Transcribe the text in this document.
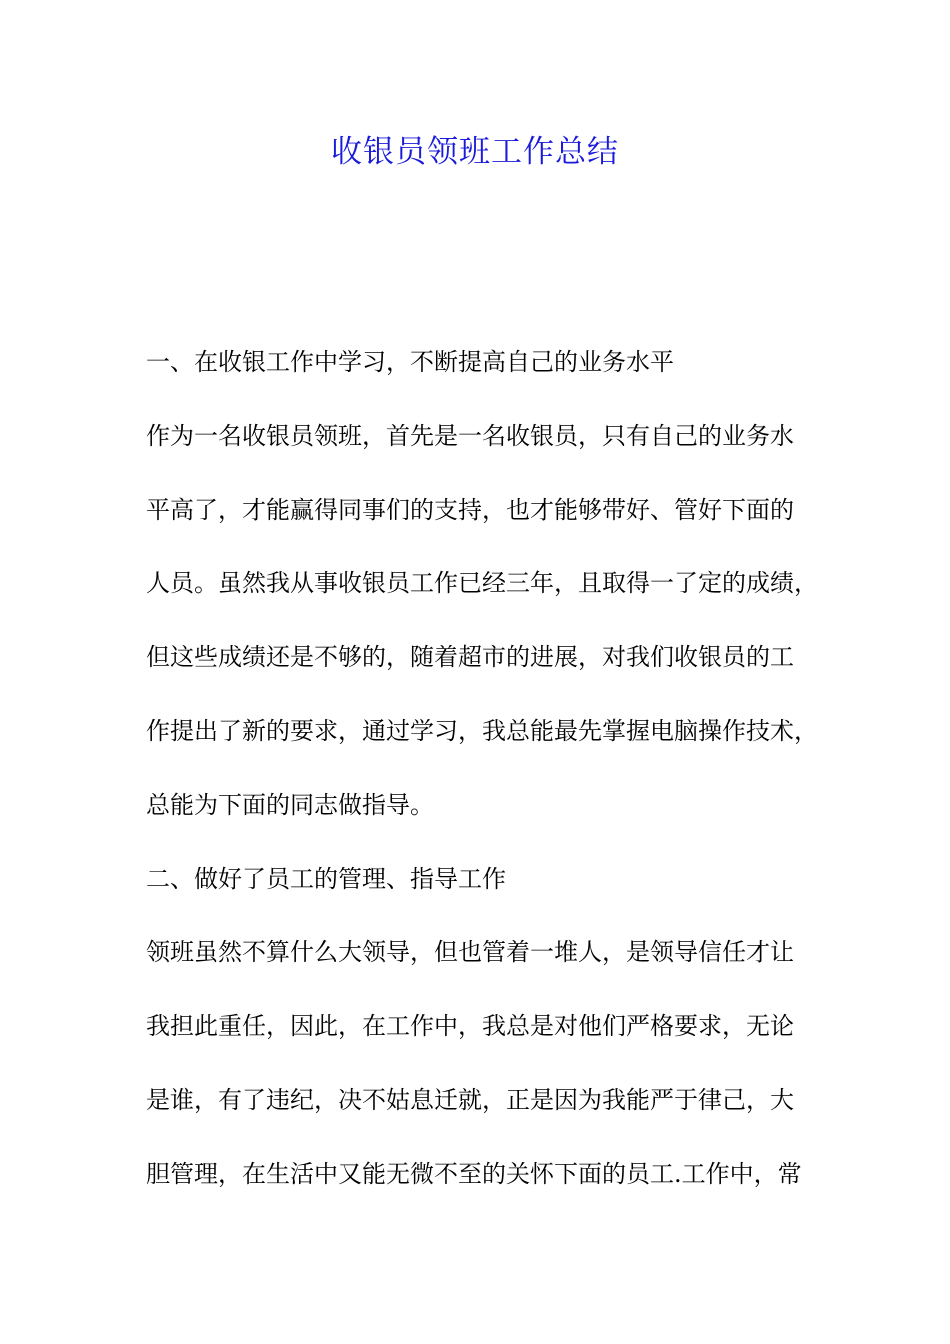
收银员领班工作总结
一、在收银工作中学习，不断提高自己的业务水平
作为一名收银员领班，首先是一名收银员，只有自己的业务水
平高了，才能赢得同事们的支持，也才能够带好、管好下面的
人员。虽然我从事收银员工作已经三年，且取得一了定的成绩，
但这些成绩还是不够的，随着超市的进展，对我们收银员的工
作提出了新的要求，通过学习，我总能最先掌握电脑操作技术，
总能为下面的同志做指导。
二、做好了员工的管理、指导工作
领班虽然不算什么大领导，但也管着一堆人，是领导信任才让
我担此重任，因此，在工作中，我总是对他们严格要求，无论
是谁，有了违纪，决不姑息迁就，正是因为我能严于律己，大
胆管理，在生活中又能无微不至的关怀下面的员工.工作中，常
